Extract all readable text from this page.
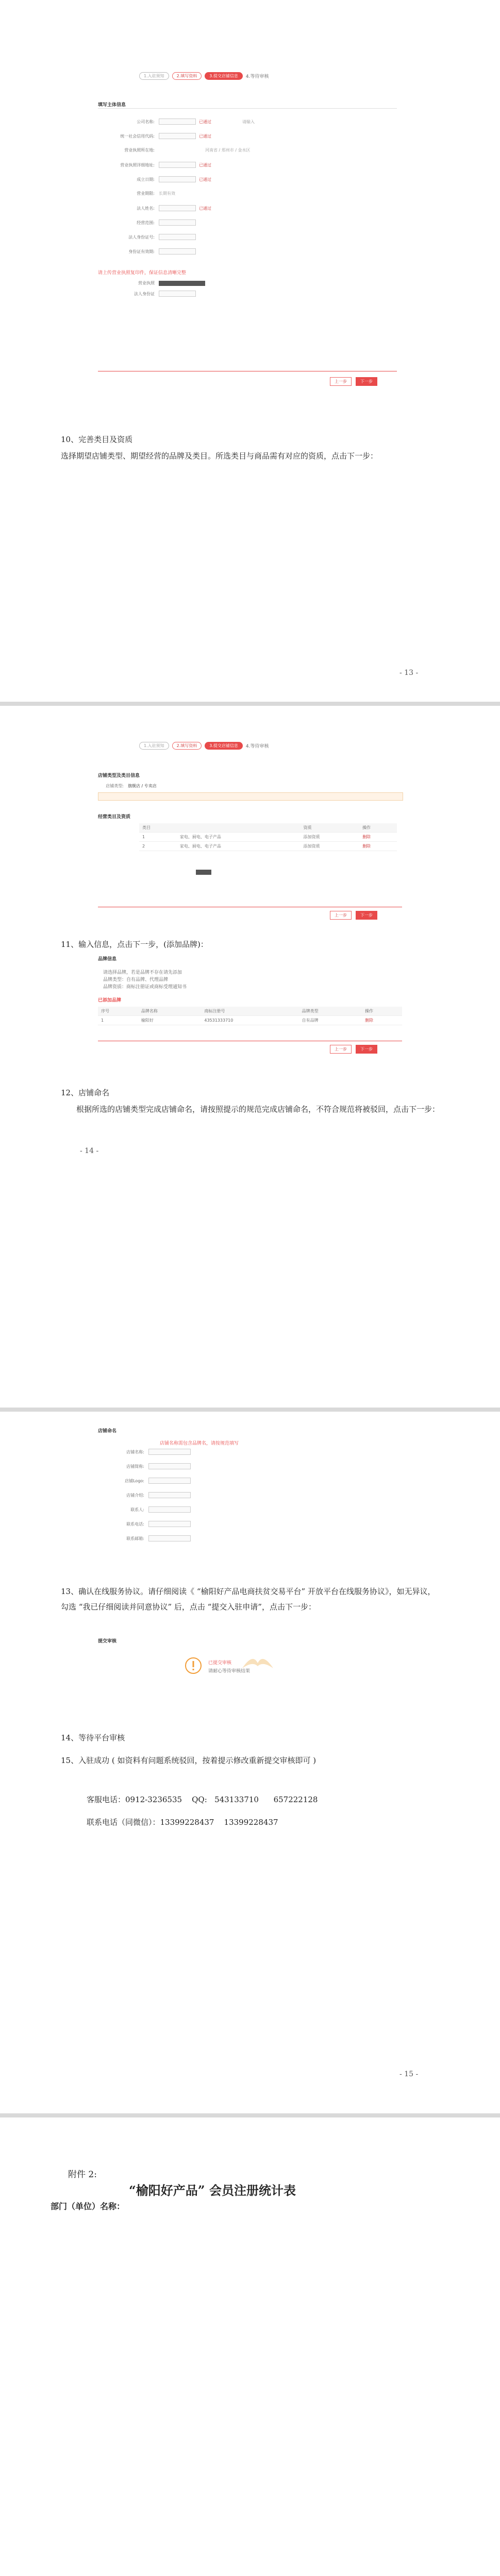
1.入驻须知	2.填写资料	3.提交店铺信息	4.等待审核
填写主体信息
公司名称:	已通过	请输入
统一社会信用代码:	已通过
营业执照所在地:	河南省 / 郑州市 / 金水区
营业执照详细地址:	已通过
成立日期:	已通过
营业期限:	长期有效
法人姓名:	已通过
经营范围:
法人身份证号:
身份证有效期:
请上传营业执照复印件，保证信息清晰完整
营业执照
法人身份证
上一步	下一步
10、完善类目及资质
选择期望店铺类型、期望经营的品牌及类目。所选类目与商品需有对应的资质，点击下一步：
- 13 -
1.入驻须知	2.填写资料	3.提交店铺信息	4.等待审核
店铺类型及类目信息
店铺类型:	旗舰店 / 专卖店
经营类目及资质
类目		资质	操作
1	家电、厨电、电子产品	添加资质	删除
2	家电、厨电、电子产品	添加资质	删除
上一步	下一步
11、输入信息，点击下一步，(添加品牌)：
品牌信息
请选择品牌，若是品牌不存在请先添加
品牌类型：自有品牌、代理品牌
品牌资质：商标注册证或商标受理通知书
已添加品牌
序号	品牌名称	商标注册号	品牌类型	操作
1	榆阳好	43531333710	自有品牌	删除
上一步	下一步
12、店铺命名
根据所选的店铺类型完成店铺命名，请按照提示的规范完成店铺命名，不符合规范将被驳回，点击下一步：
- 14 -
店铺命名
店铺名称需包含品牌名，请按规范填写
店铺名称:
店铺简称:
店铺Logo:
店铺介绍:
联系人:
联系电话:
联系邮箱:
13、确认在线服务协议。请仔细阅读《 “榆阳好产品电商扶贫交易平台” 开放平台在线服务协议》，如无异议，勾选 “我已仔细阅读并同意协议” 后，点击 “提交入驻申请”，点击下一步：
提交审核
已提交审核
请耐心等待审核结果
14、等待平台审核
15、入驻成功 ( 如资料有问题系统驳回，按着提示修改重新提交审核即可 )
客服电话：0912-3236535    QQ:   543133710      657222128
联系电话（同微信）：13399228437    13399228437
- 15 -
附件 2:
“榆阳好产品” 会员注册统计表
部门（单位）名称：
